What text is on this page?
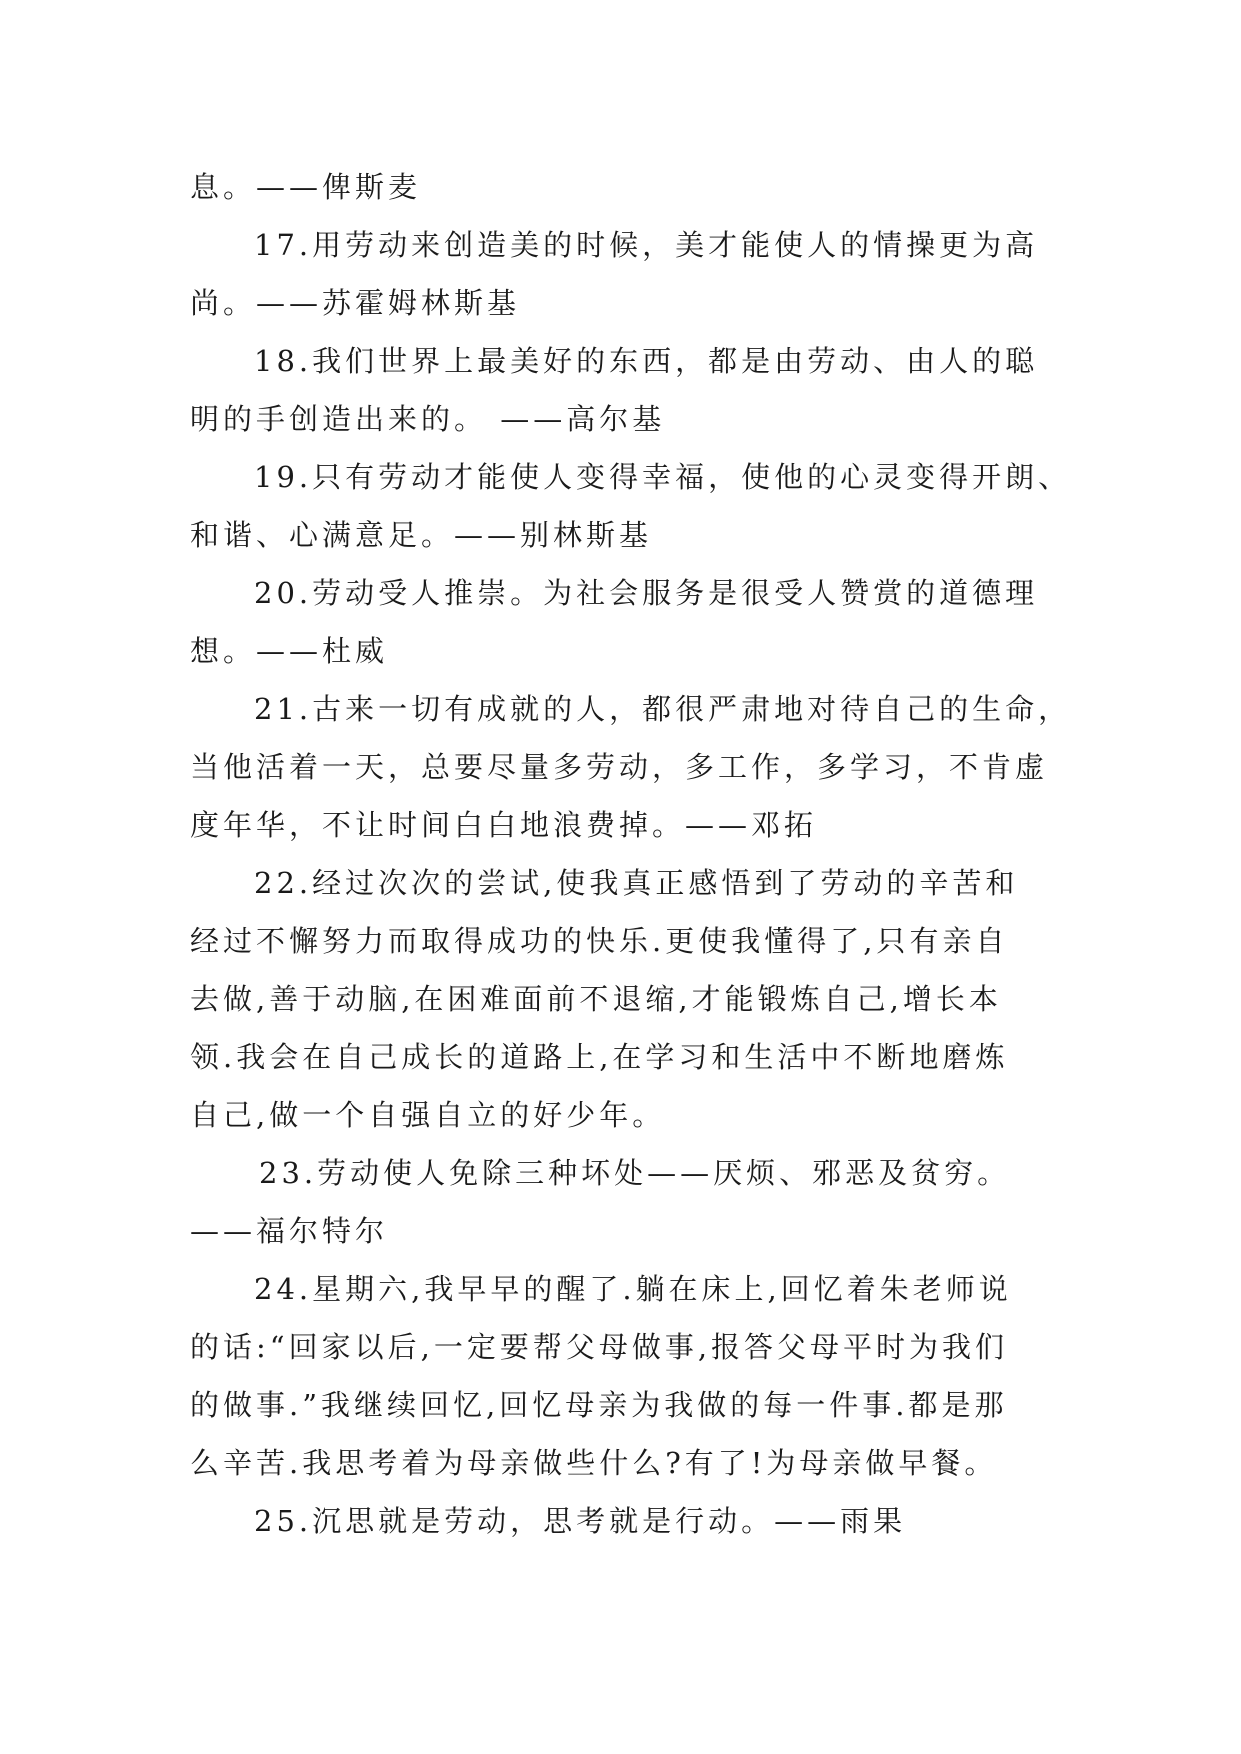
息。——俾斯麦
17.用劳动来创造美的时候，美才能使人的情操更为高
尚。——苏霍姆林斯基
18.我们世界上最美好的东西，都是由劳动、由人的聪
明的手创造出来的。 ——高尔基
19.只有劳动才能使人变得幸福，使他的心灵变得开朗、
和谐、心满意足。——别林斯基
20.劳动受人推崇。为社会服务是很受人赞赏的道德理
想。——杜威
21.古来一切有成就的人，都很严肃地对待自己的生命，
当他活着一天，总要尽量多劳动，多工作，多学习，不肯虚
度年华，不让时间白白地浪费掉。——邓拓
22.经过次次的尝试,使我真正感悟到了劳动的辛苦和
经过不懈努力而取得成功的快乐.更使我懂得了,只有亲自
去做,善于动脑,在困难面前不退缩,才能锻炼自己,增长本
领.我会在自己成长的道路上,在学习和生活中不断地磨炼
自己,做一个自强自立的好少年。
23.劳动使人免除三种坏处——厌烦、邪恶及贫穷。
——福尔特尔
24.星期六,我早早的醒了.躺在床上,回忆着朱老师说
的话:“回家以后,一定要帮父母做事,报答父母平时为我们
的做事.”我继续回忆,回忆母亲为我做的每一件事.都是那
么辛苦.我思考着为母亲做些什么?有了!为母亲做早餐。
25.沉思就是劳动，思考就是行动。——雨果
